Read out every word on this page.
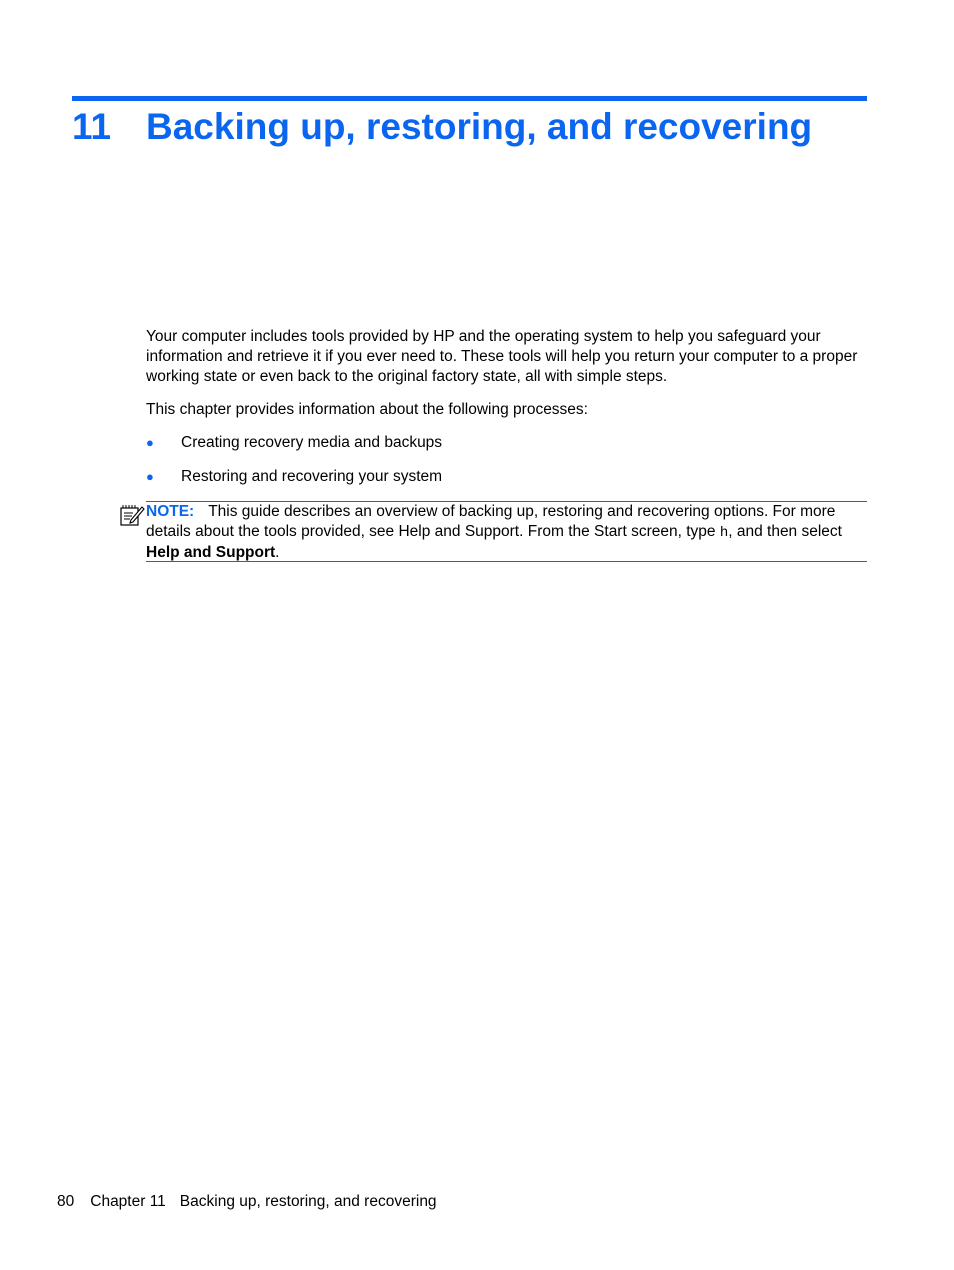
11 Backing up, restoring, and recovering

Your computer includes tools provided by HP and the operating system to help you safeguard your information and retrieve it if you ever need to. These tools will help you return your computer to a proper working state or even back to the original factory state, all with simple steps.

This chapter provides information about the following processes:

● Creating recovery media and backups
● Restoring and recovering your system

NOTE: This guide describes an overview of backing up, restoring and recovering options. For more details about the tools provided, see Help and Support. From the Start screen, type h, and then select Help and Support.

80 Chapter 11 Backing up, restoring, and recovering
